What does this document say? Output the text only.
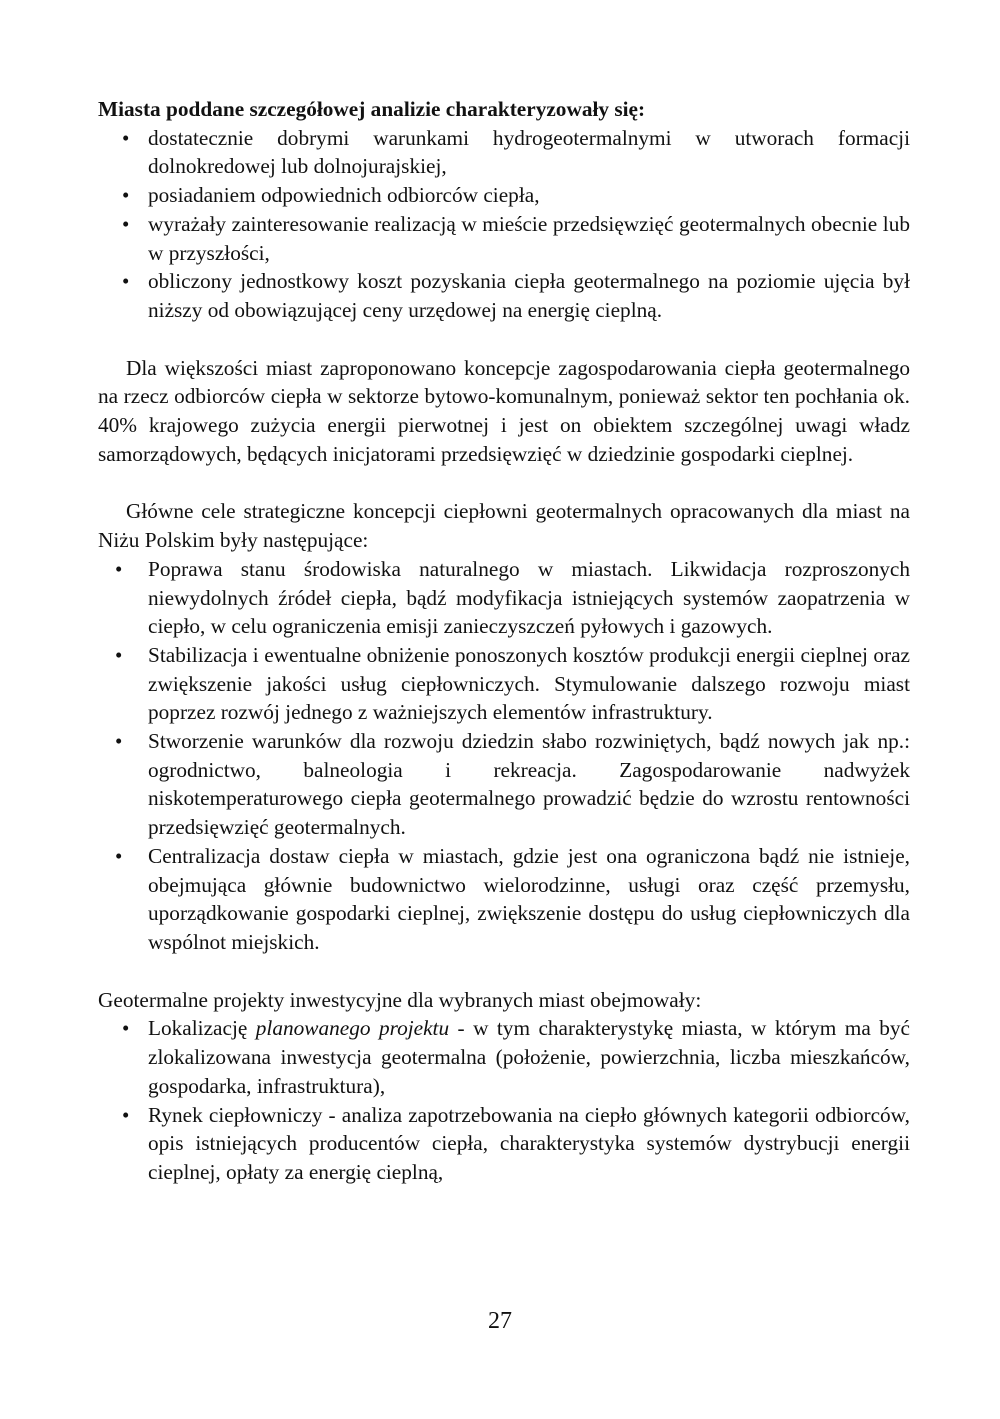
Miasta poddane szczegółowej analizie charakteryzowały się:

• dostatecznie dobrymi warunkami hydrogeotermalnymi w utworach formacji dolnokredowej lub dolnojurajskiej,
• posiadaniem odpowiednich odbiorców ciepła,
• wyrażały zainteresowanie realizacją w mieście przedsięwzięć geotermalnych obecnie lub w przyszłości,
• obliczony jednostkowy koszt pozyskania ciepła geotermalnego na poziomie ujęcia był niższy od obowiązującej ceny urzędowej na energię cieplną.

Dla większości miast zaproponowano koncepcje zagospodarowania ciepła geotermalnego na rzecz odbiorców ciepła w sektorze bytowo-komunalnym, ponieważ sektor ten pochłania ok. 40% krajowego zużycia energii pierwotnej i jest on obiektem szczególnej uwagi władz samorządowych, będących inicjatorami przedsięwzięć w dziedzinie gospodarki cieplnej.

Główne cele strategiczne koncepcji ciepłowni geotermalnych opracowanych dla miast na Niżu Polskim były następujące:

• Poprawa stanu środowiska naturalnego w miastach. Likwidacja rozproszonych niewydolnych źródeł ciepła, bądź modyfikacja istniejących systemów zaopatrzenia w ciepło, w celu ograniczenia emisji zanieczyszczeń pyłowych i gazowych.
• Stabilizacja i ewentualne obniżenie ponoszonych kosztów produkcji energii cieplnej oraz zwiększenie jakości usług ciepłowniczych. Stymulowanie dalszego rozwoju miast poprzez rozwój jednego z ważniejszych elementów infrastruktury.
• Stworzenie warunków dla rozwoju dziedzin słabo rozwiniętych, bądź nowych jak np.: ogrodnictwo, balneologia i rekreacja. Zagospodarowanie nadwyżek niskotemperaturowego ciepła geotermalnego prowadzić będzie do wzrostu rentowności przedsięwzięć geotermalnych.
• Centralizacja dostaw ciepła w miastach, gdzie jest ona ograniczona bądź nie istnieje, obejmująca głównie budownictwo wielorodzinne, usługi oraz część przemysłu, uporządkowanie gospodarki cieplnej, zwiększenie dostępu do usług ciepłowniczych dla wspólnot miejskich.

Geotermalne projekty inwestycyjne dla wybranych miast obejmowały:

• Lokalizację planowanego projektu - w tym charakterystykę miasta, w którym ma być zlokalizowana inwestycja geotermalna (położenie, powierzchnia, liczba mieszkańców, gospodarka, infrastruktura),
• Rynek ciepłowniczy - analiza zapotrzebowania na ciepło głównych kategorii odbiorców, opis istniejących producentów ciepła, charakterystyka systemów dystrybucji energii cieplnej, opłaty za energię cieplną,
27
